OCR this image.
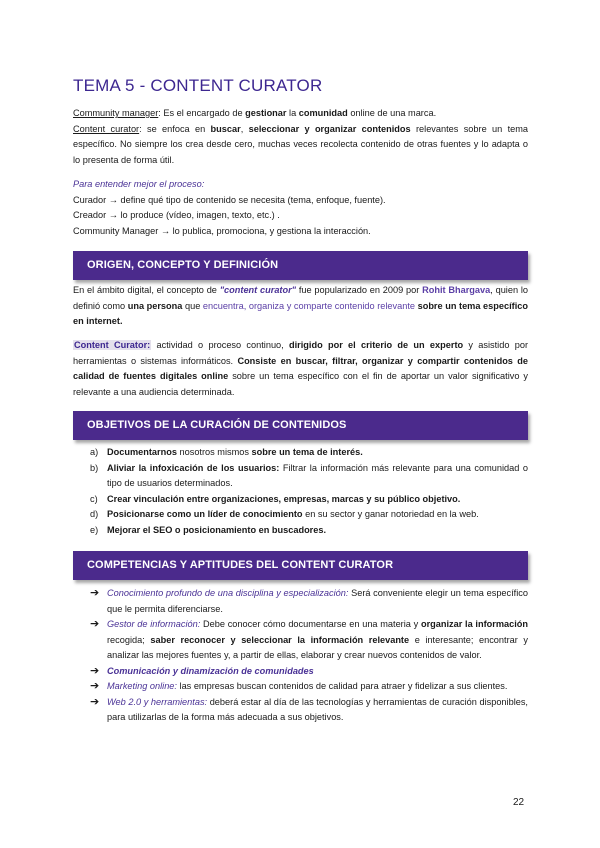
TEMA 5 - CONTENT CURATOR
Community manager: Es el encargado de gestionar la comunidad online de una marca.
Content curator: se enfoca en buscar, seleccionar y organizar contenidos relevantes sobre un tema específico. No siempre los crea desde cero, muchas veces recolecta contenido de otras fuentes y lo adapta o lo presenta de forma útil.
Para entender mejor el proceso:
Curador → define qué tipo de contenido se necesita (tema, enfoque, fuente).
Creador → lo produce (vídeo, imagen, texto, etc.) .
Community Manager → lo publica, promociona, y gestiona la interacción.
ORIGEN, CONCEPTO Y DEFINICIÓN
En el ámbito digital, el concepto de "content curator" fue popularizado en 2009 por Rohit Bhargava, quien lo definió como una persona que encuentra, organiza y comparte contenido relevante sobre un tema específico en internet.
Content Curator: actividad o proceso continuo, dirigido por el criterio de un experto y asistido por herramientas o sistemas informáticos. Consiste en buscar, filtrar, organizar y compartir contenidos de calidad de fuentes digitales online sobre un tema específico con el fin de aportar un valor significativo y relevante a una audiencia determinada.
OBJETIVOS DE LA CURACIÓN DE CONTENIDOS
a) Documentarnos nosotros mismos sobre un tema de interés.
b) Aliviar la infoxicación de los usuarios: Filtrar la información más relevante para una comunidad o tipo de usuarios determinados.
c) Crear vinculación entre organizaciones, empresas, marcas y su público objetivo.
d) Posicionarse como un líder de conocimiento en su sector y ganar notoriedad en la web.
e) Mejorar el SEO o posicionamiento en buscadores.
COMPETENCIAS Y APTITUDES DEL CONTENT CURATOR
➔ Conocimiento profundo de una disciplina y especialización: Será conveniente elegir un tema específico que le permita diferenciarse.
➔ Gestor de información: Debe conocer cómo documentarse en una materia y organizar la información recogida; saber reconocer y seleccionar la información relevante e interesante; encontrar y analizar las mejores fuentes y, a partir de ellas, elaborar y crear nuevos contenidos de valor.
➔ Comunicación y dinamización de comunidades
➔ Marketing online: las empresas buscan contenidos de calidad para atraer y fidelizar a sus clientes.
➔ Web 2.0 y herramientas: deberá estar al día de las tecnologías y herramientas de curación disponibles, para utilizarlas de la forma más adecuada a sus objetivos.
22
